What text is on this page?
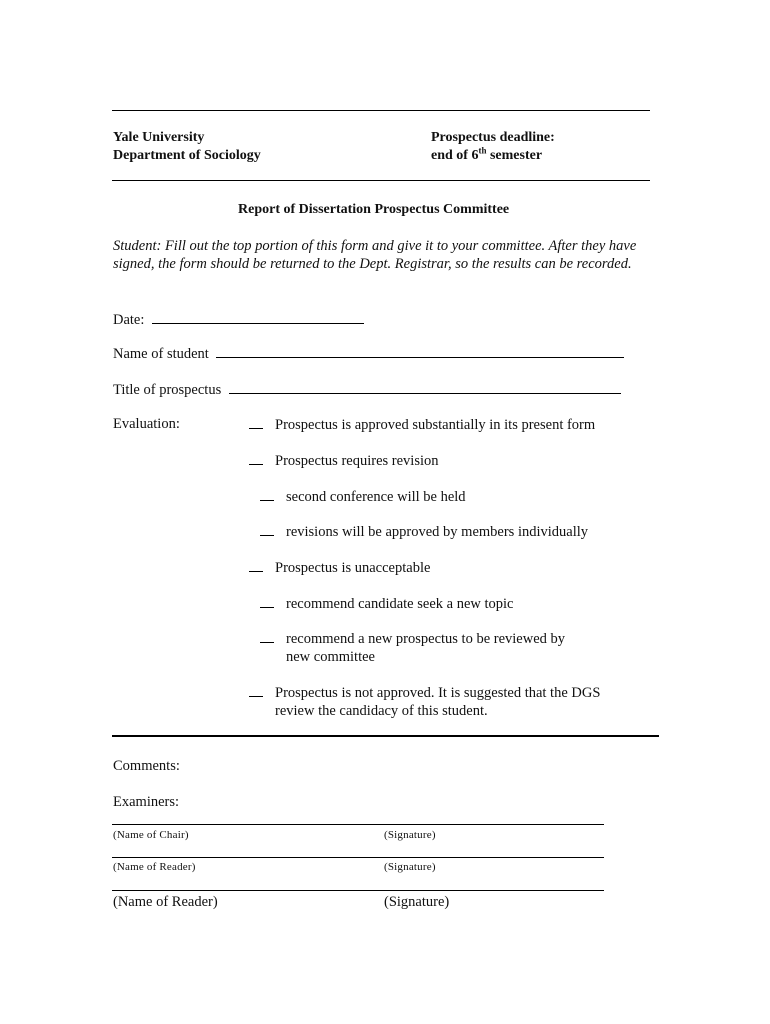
Yale University
Department of Sociology
Prospectus deadline:
end of 6th semester
Report of Dissertation Prospectus Committee
Student: Fill out the top portion of this form and give it to your committee. After they have signed, the form should be returned to the Dept. Registrar, so the results can be recorded.
Date:
Name of student
Title of prospectus
Evaluation:	Prospectus is approved substantially in its present form
Prospectus requires revision
second conference will be held
revisions will be approved by members individually
Prospectus is unacceptable
recommend candidate seek a new topic
recommend a new prospectus to be reviewed by new committee
Prospectus is not approved. It is suggested that the DGS review the candidacy of this student.
Comments:
Examiners:
(Name of Chair)	(Signature)
(Name of Reader)	(Signature)
(Name of Reader)	(Signature)
